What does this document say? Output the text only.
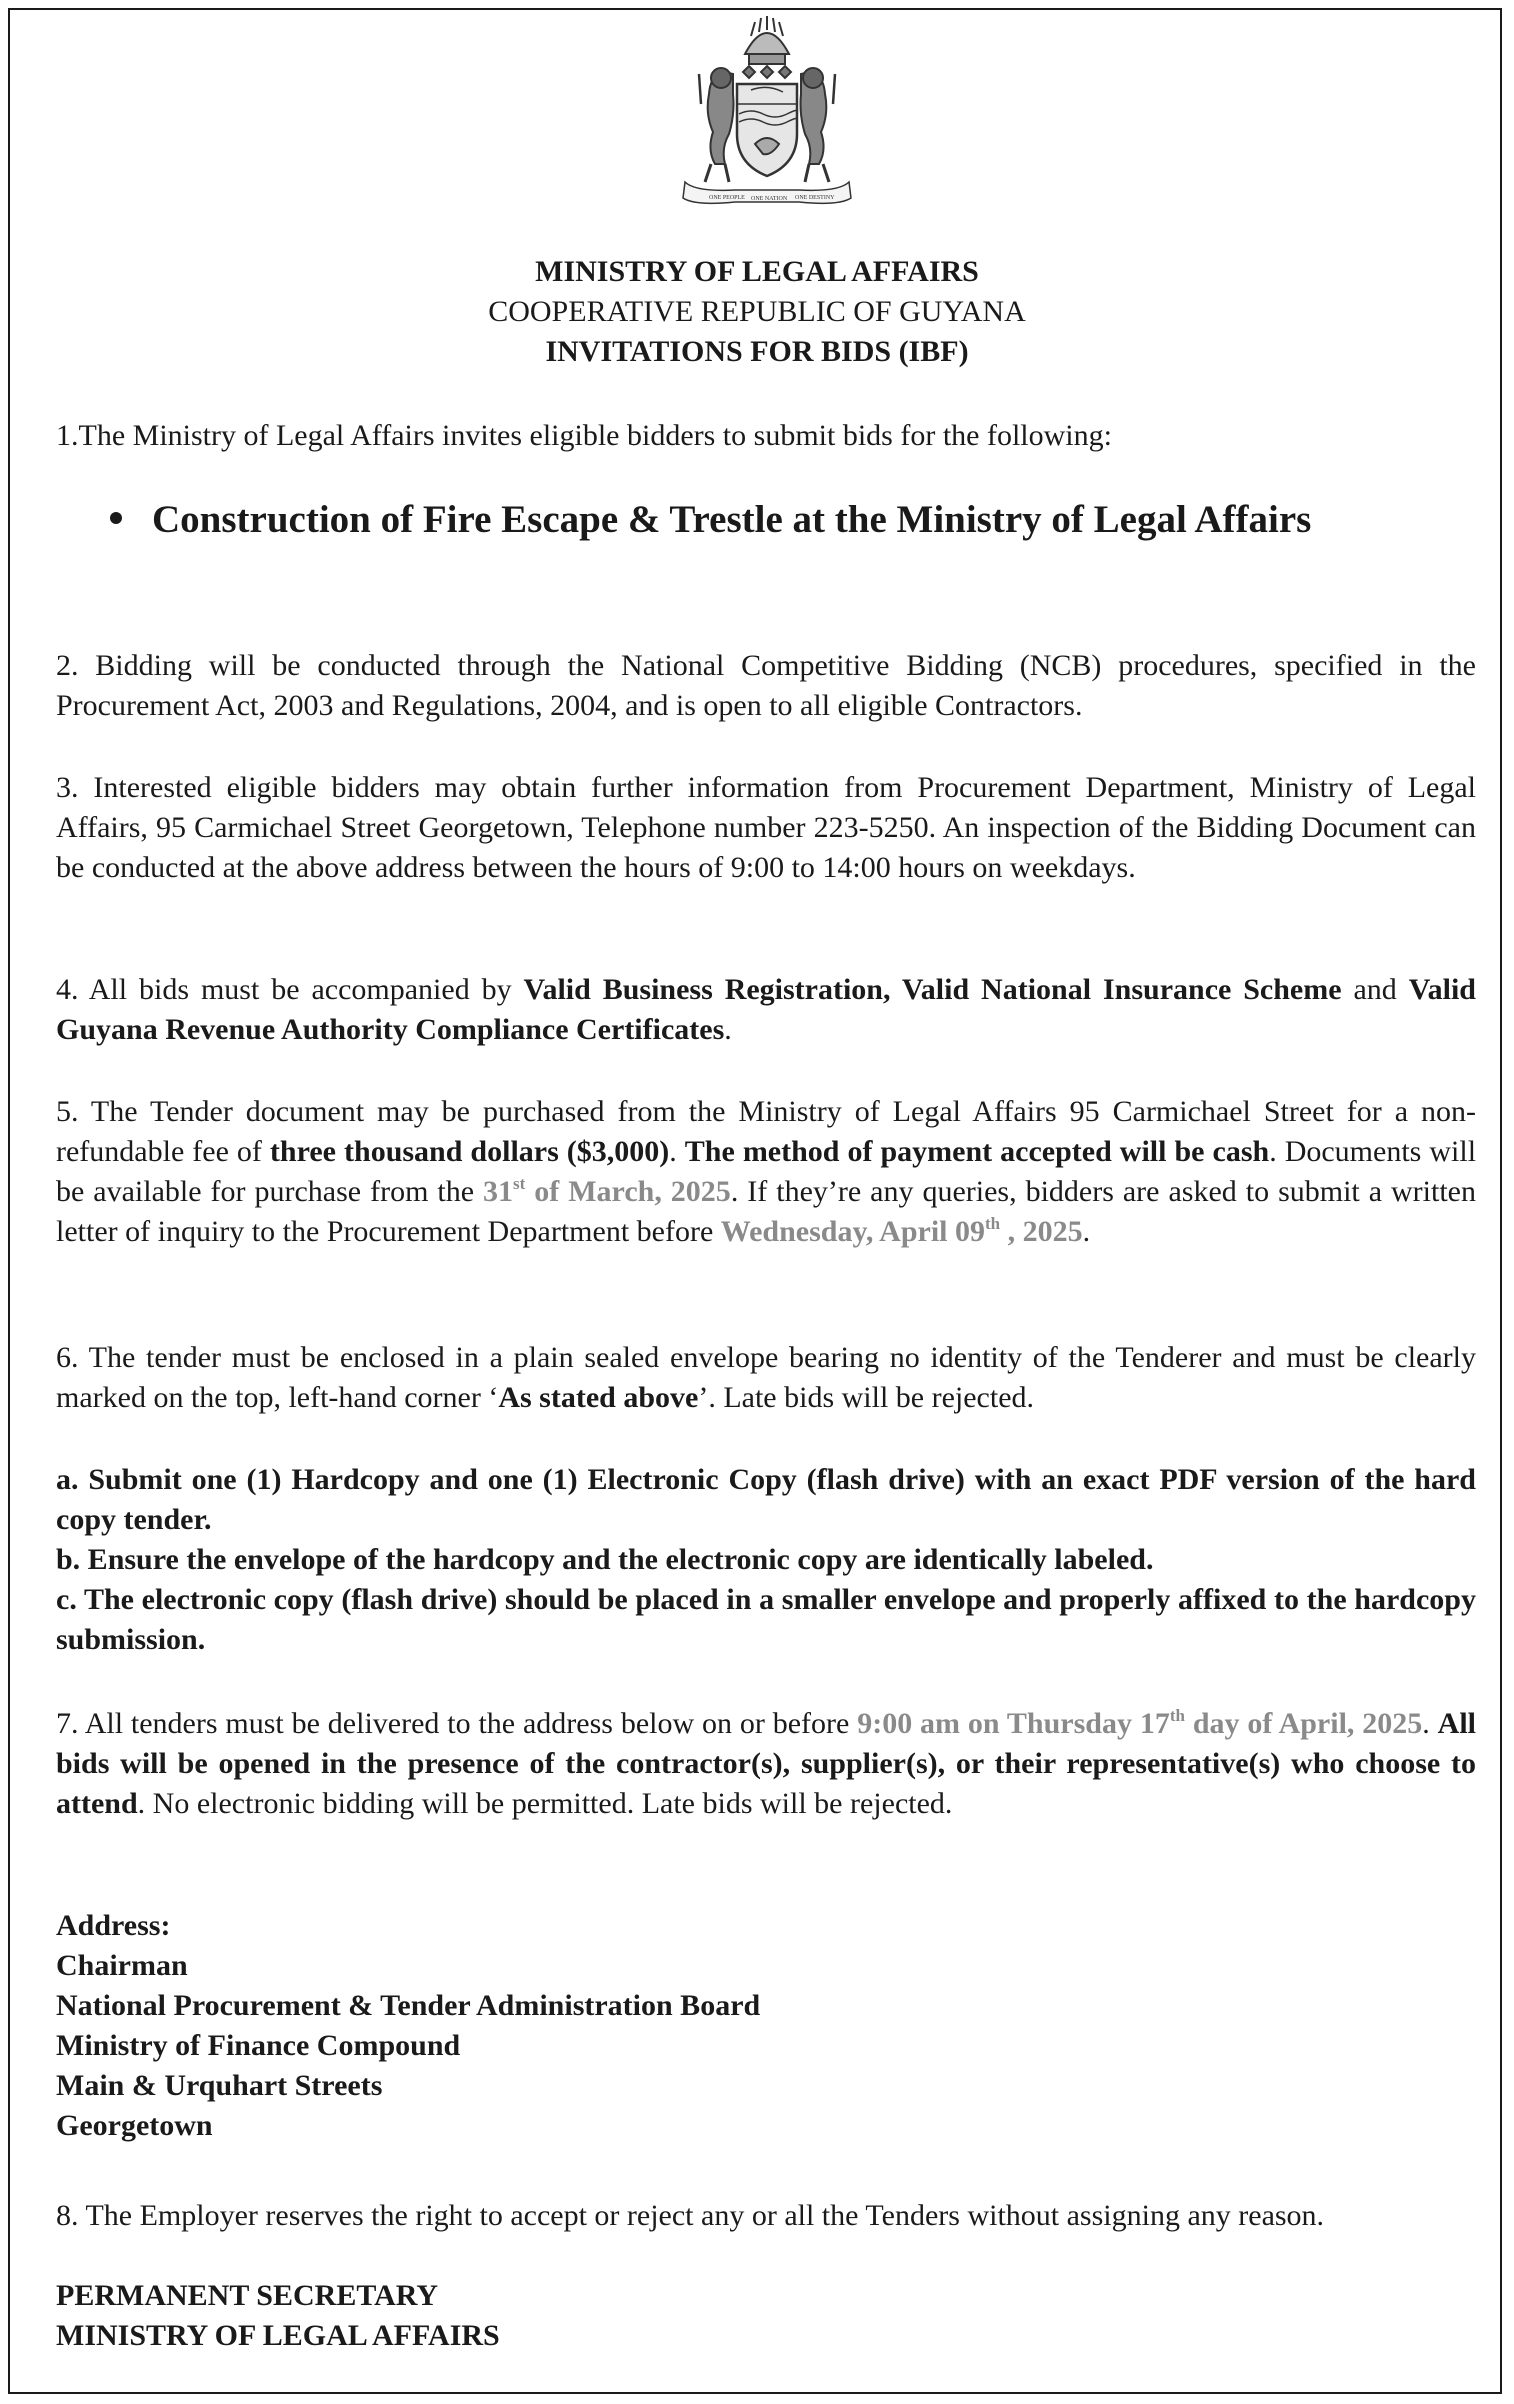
ONE PEOPLE ONE NATION ONE DESTINY
MINISTRY OF LEGAL AFFAIRS
COOPERATIVE REPUBLIC OF GUYANA
INVITATIONS FOR BIDS (IBF)

1.The Ministry of Legal Affairs invites eligible bidders to submit bids for the following:

Construction of Fire Escape & Trestle at the Ministry of Legal Affairs

2. Bidding will be conducted through the National Competitive Bidding (NCB) procedures, specified in the Procurement Act, 2003 and Regulations, 2004, and is open to all eligible Contractors.

3. Interested eligible bidders may obtain further information from Procurement Department, Ministry of Legal Affairs, 95 Carmichael Street Georgetown, Telephone number 223-5250. An inspection of the Bidding Document can be conducted at the above address between the hours of 9:00 to 14:00 hours on weekdays.

4. All bids must be accompanied by Valid Business Registration, Valid National Insurance Scheme and Valid Guyana Revenue Authority Compliance Certificates.

5. The Tender document may be purchased from the Ministry of Legal Affairs 95 Carmichael Street for a non-refundable fee of three thousand dollars ($3,000). The method of payment accepted will be cash. Documents will be available for purchase from the 31st of March, 2025. If they’re any queries, bidders are asked to submit a written letter of inquiry to the Procurement Department before Wednesday, April 09th , 2025.

6. The tender must be enclosed in a plain sealed envelope bearing no identity of the Tenderer and must be clearly marked on the top, left-hand corner ‘As stated above’. Late bids will be rejected.

a. Submit one (1) Hardcopy and one (1) Electronic Copy (flash drive) with an exact PDF version of the hard copy tender.
b. Ensure the envelope of the hardcopy and the electronic copy are identically labeled.
c. The electronic copy (flash drive) should be placed in a smaller envelope and properly affixed to the hardcopy submission.

7. All tenders must be delivered to the address below on or before 9:00 am on Thursday 17th day of April, 2025. All bids will be opened in the presence of the contractor(s), supplier(s), or their representative(s) who choose to attend. No electronic bidding will be permitted. Late bids will be rejected.

Address:
Chairman
National Procurement & Tender Administration Board
Ministry of Finance Compound
Main & Urquhart Streets
Georgetown

8. The Employer reserves the right to accept or reject any or all the Tenders without assigning any reason.

PERMANENT SECRETARY
MINISTRY OF LEGAL AFFAIRS
